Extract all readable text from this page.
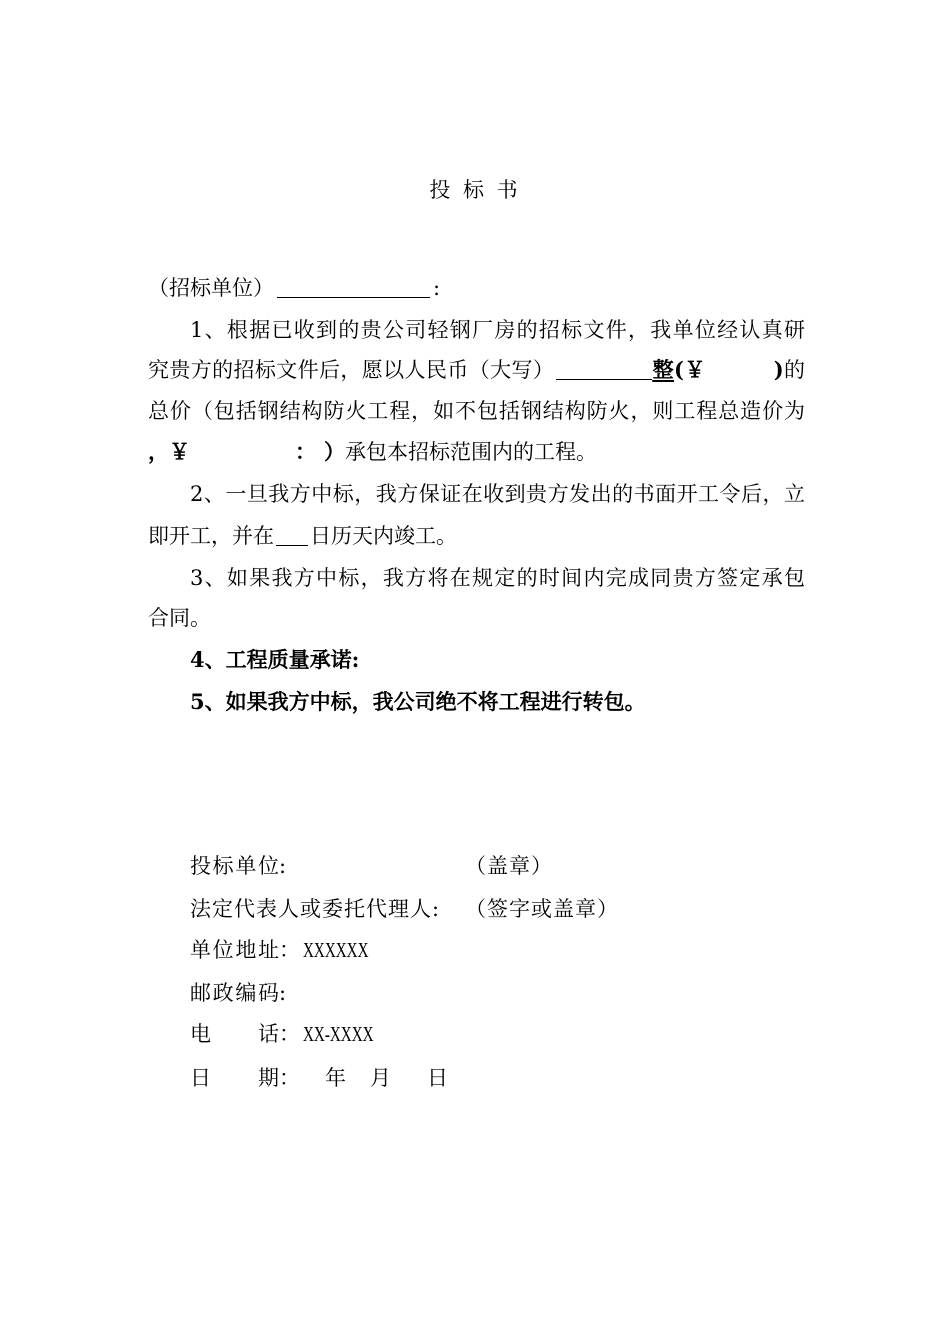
投 标 书
（招标单位）	:
1、根据已收到的贵公司轻钢厂房的招标文件，我单位经认真研
究贵方的招标文件后，愿以人民币（大写）	整(￥	)的
总价（包括钢结构防火工程，如不包括钢结构防火，则工程总造价为
，￥	： ）承包本招标范围内的工程。
2、一旦我方中标，我方保证在收到贵方发出的书面开工令后，立
即开工，并在 日历天内竣工。
3、如果我方中标，我方将在规定的时间内完成同贵方签定承包
合同。
4、工程质量承诺:
5、如果我方中标，我公司绝不将工程进行转包。
投标单位:	（盖章）
法定代表人或委托代理人: （签字或盖章）
单位地址：XXXXXX
邮政编码:
电话：XX-XXXX
日期： 年 月 日
